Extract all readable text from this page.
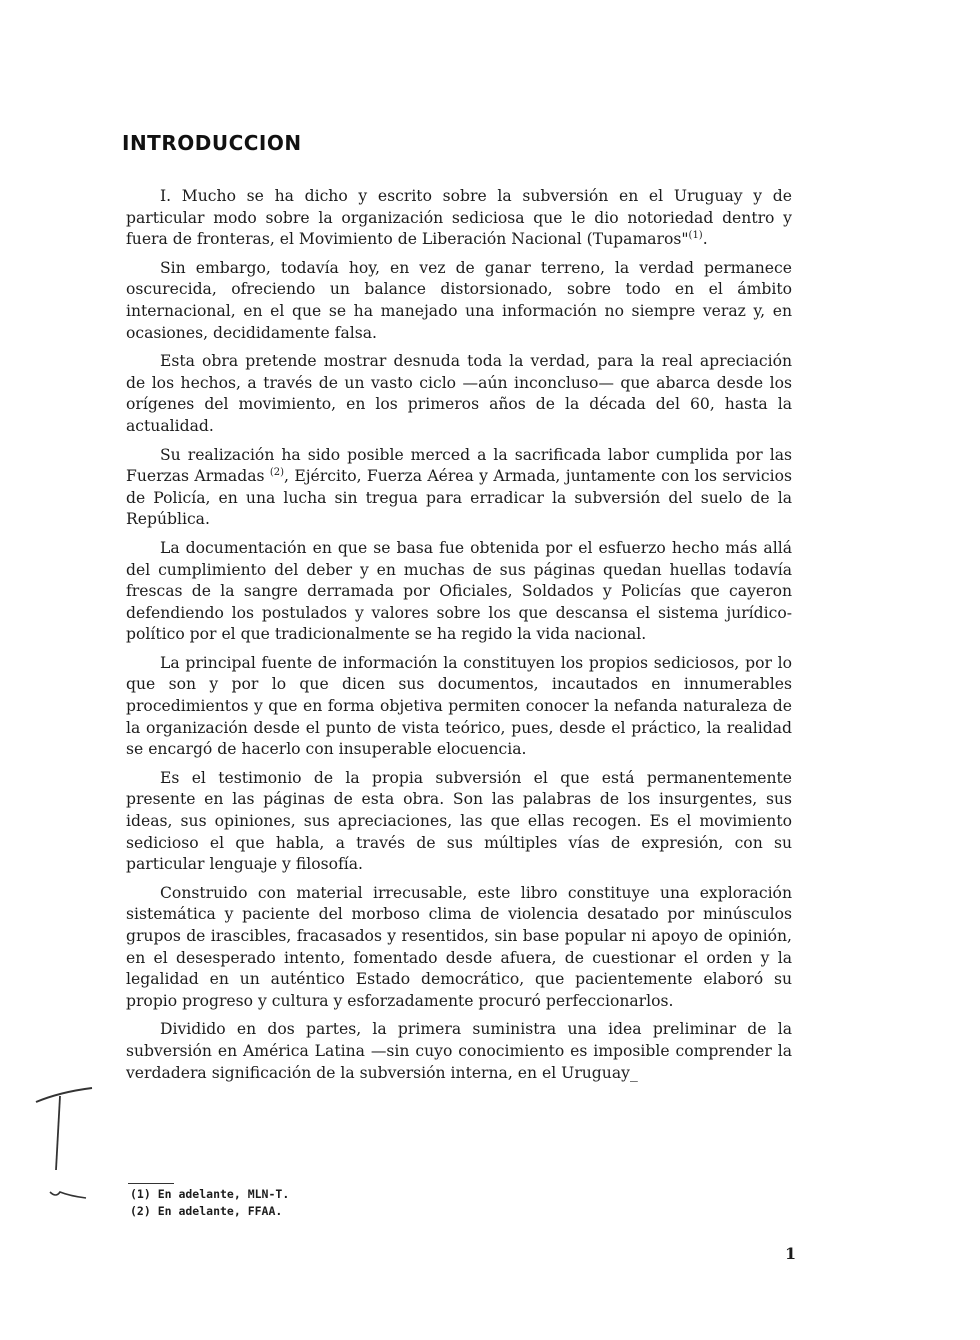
INTRODUCCION

I. Mucho se ha dicho y escrito sobre la subversión en el Uruguay y de particular modo sobre la organización sediciosa que le dio notoriedad dentro y fuera de fronteras, el Movimiento de Liberación Nacional (Tupamaros"$^{(1)}$.

Sin embargo, todavía hoy, en vez de ganar terreno, la verdad permanece oscurecida, ofreciendo un balance distorsionado, sobre todo en el ámbito internacional, en el que se ha manejado una información no siempre veraz y, en ocasiones, decididamente falsa.

Esta obra pretende mostrar desnuda toda la verdad, para la real apreciación de los hechos, a través de un vasto ciclo —aún inconcluso— que abarca desde los orígenes del movimiento, en los primeros años de la década del 60, hasta la actualidad.

Su realización ha sido posible merced a la sacrificada labor cumplida por las Fuerzas Armadas $^{(2)}$, Ejército, Fuerza Aérea y Armada, juntamente con los servicios de Policía, en una lucha sin tregua para erradicar la subversión del suelo de la República.

La documentación en que se basa fue obtenida por el esfuerzo hecho más allá del cumplimiento del deber y en muchas de sus páginas quedan huellas todavía frescas de la sangre derramada por Oficiales, Soldados y Policías que cayeron defendiendo los postulados y valores sobre los que descansa el sistema jurídico-político por el que tradicionalmente se ha regido la vida nacional.

La principal fuente de información la constituyen los propios sediciosos, por lo que son y por lo que dicen sus documentos, incautados en innumerables procedimientos y que en forma objetiva permiten conocer la nefanda naturaleza de la organización desde el punto de vista teórico, pues, desde el práctico, la realidad se encargó de hacerlo con insuperable elocuencia.

Es el testimonio de la propia subversión el que está permanentemente presente en las páginas de esta obra. Son las palabras de los insurgentes, sus ideas, sus opiniones, sus apreciaciones, las que ellas recogen. Es el movimiento sedicioso el que habla, a través de sus múltiples vías de expresión, con su particular lenguaje y filosofía.

Construido con material irrecusable, este libro constituye una exploración sistemática y paciente del morboso clima de violencia desatado por minúsculos grupos de irascibles, fracasados y resentidos, sin base popular ni apoyo de opinión, en el desesperado intento, fomentado desde afuera, de cuestionar el orden y la legalidad en un auténtico Estado democrático, que pacientemente elaboró su propio progreso y cultura y esforzadamente procuró perfeccionarlos.

Dividido en dos partes, la primera suministra una idea preliminar de la subversión en América Latina —sin cuyo conocimiento es imposible comprender la verdadera significación de la subversión interna, en el Uruguay_

(1) En adelante, MLN-T.
(2) En adelante, FFAA.
1
